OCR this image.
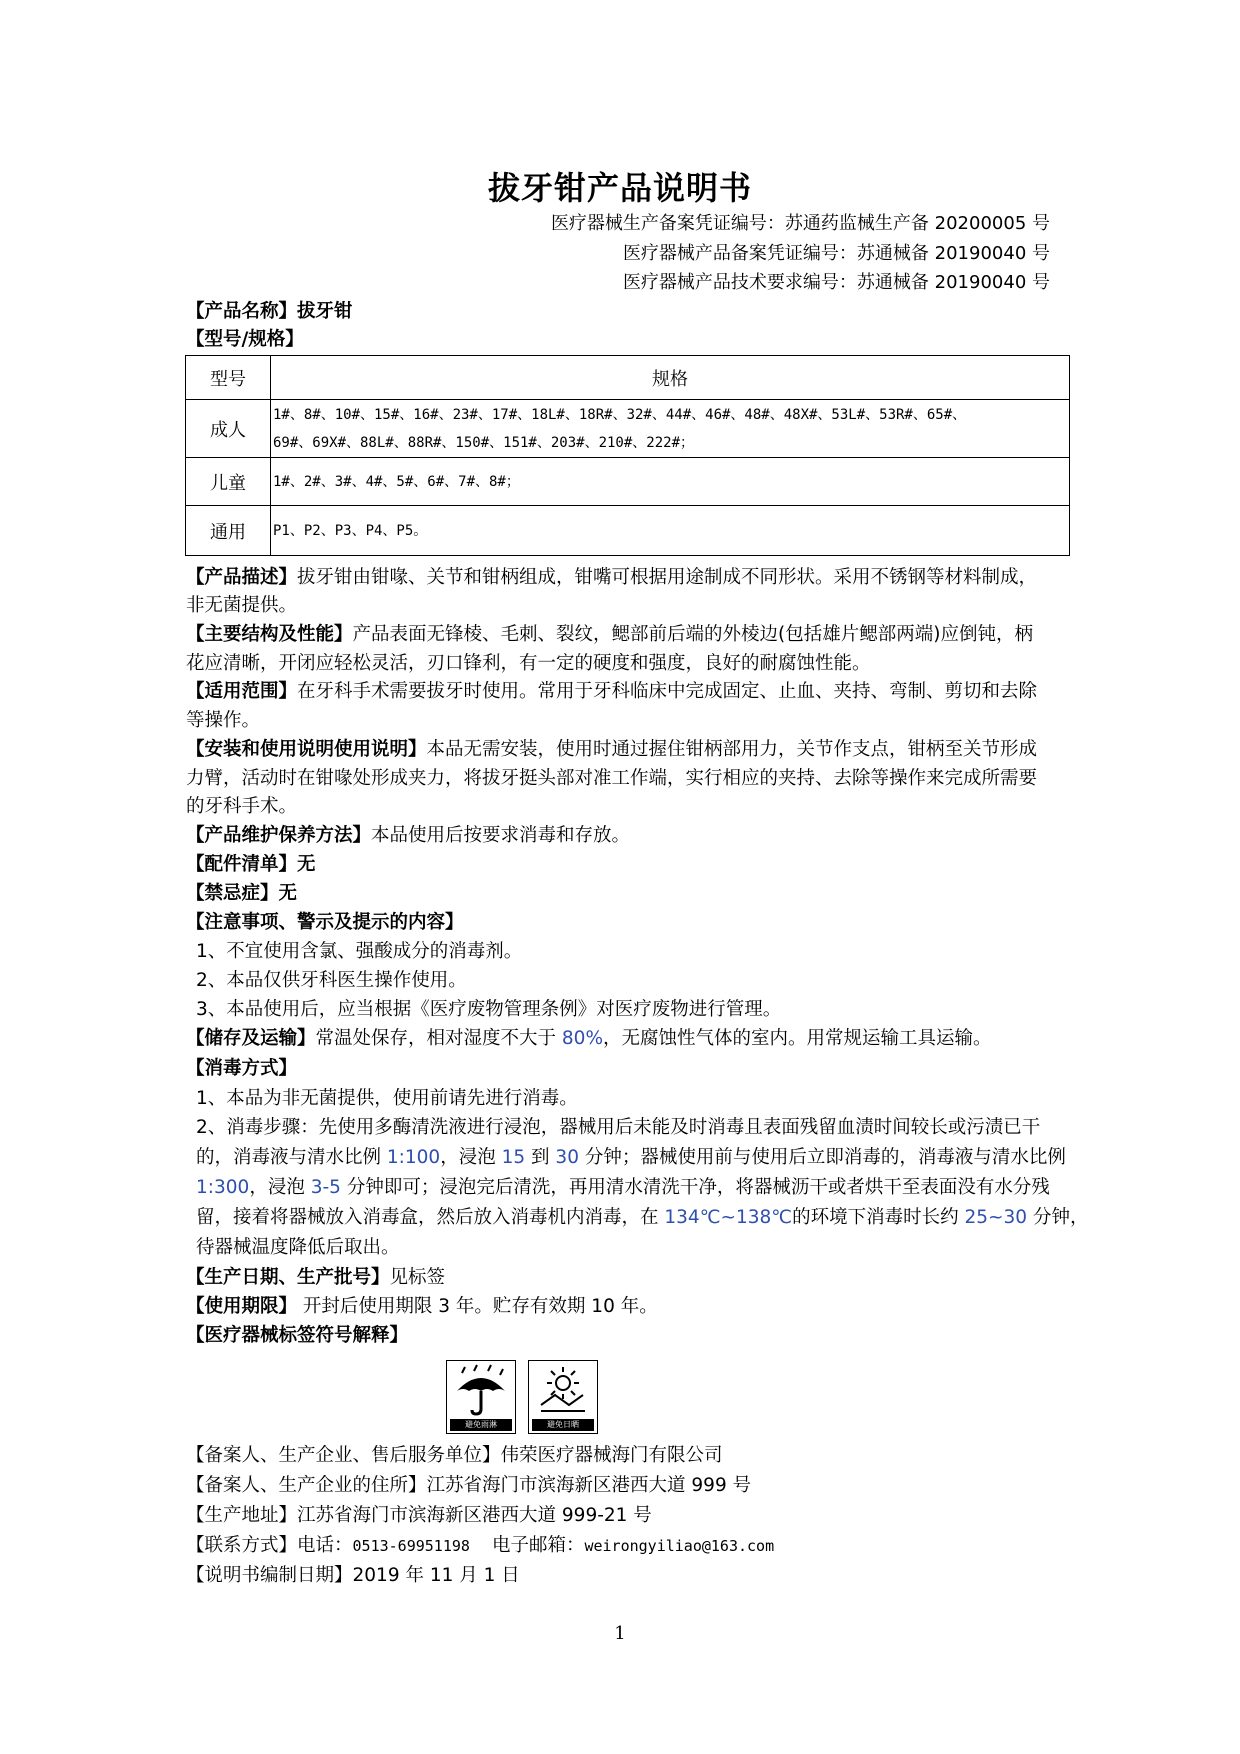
拔牙钳产品说明书
医疗器械生产备案凭证编号：苏通药监械生产备 20200005 号
医疗器械产品备案凭证编号：苏通械备 20190040 号
医疗器械产品技术要求编号：苏通械备 20190040 号
【产品名称】拔牙钳
【型号/规格】
型号	规格
成人	1#、8#、10#、15#、16#、23#、17#、18L#、18R#、32#、44#、46#、48#、48X#、53L#、53R#、65#、
69#、69X#、88L#、88R#、150#、151#、203#、210#、222#；

儿童	1#、2#、3#、4#、5#、6#、7#、8#；
通用	P1、P2、P3、P4、P5。
【产品描述】拔牙钳由钳喙、关节和钳柄组成，钳嘴可根据用途制成不同形状。采用不锈钢等材料制成，
非无菌提供。
【主要结构及性能】产品表面无锋棱、毛刺、裂纹，鳃部前后端的外棱边(包括雄片鳃部两端)应倒钝，柄
花应清晰，开闭应轻松灵活，刃口锋利，有一定的硬度和强度，良好的耐腐蚀性能。
【适用范围】在牙科手术需要拔牙时使用。常用于牙科临床中完成固定、止血、夹持、弯制、剪切和去除
等操作。
【安装和使用说明使用说明】本品无需安装，使用时通过握住钳柄部用力，关节作支点，钳柄至关节形成
力臂，活动时在钳喙处形成夹力，将拔牙挺头部对准工作端，实行相应的夹持、去除等操作来完成所需要
的牙科手术。
【产品维护保养方法】本品使用后按要求消毒和存放。
【配件清单】无
【禁忌症】无
【注意事项、警示及提示的内容】
1、不宜使用含氯、强酸成分的消毒剂。
2、本品仅供牙科医生操作使用。
3、本品使用后，应当根据《医疗废物管理条例》对医疗废物进行管理。
【储存及运输】常温处保存，相对湿度不大于 80%，无腐蚀性气体的室内。用常规运输工具运输。
【消毒方式】
1、本品为非无菌提供，使用前请先进行消毒。
2、消毒步骤：先使用多酶清洗液进行浸泡，器械用后未能及时消毒且表面残留血渍时间较长或污渍已干
的，消毒液与清水比例 1:100，浸泡 15 到 30 分钟；器械使用前与使用后立即消毒的，消毒液与清水比例
1:300，浸泡 3-5 分钟即可；浸泡完后清洗，再用清水清洗干净，将器械沥干或者烘干至表面没有水分残
留，接着将器械放入消毒盒，然后放入消毒机内消毒，在 134℃~138℃的环境下消毒时长约 25~30 分钟，
待器械温度降低后取出。
【生产日期、生产批号】见标签
【使用期限】 开封后使用期限 3 年。贮存有效期 10 年。
【医疗器械标签符号解释】
避免雨淋	避免日晒
【备案人、生产企业、售后服务单位】伟荣医疗器械海门有限公司
【备案人、生产企业的住所】江苏省海门市滨海新区港西大道 999 号
【生产地址】江苏省海门市滨海新区港西大道 999-21 号
【联系方式】电话：0513-69951198 电子邮箱：weirongyiliao@163.com
【说明书编制日期】2019 年 11 月 1 日
1
